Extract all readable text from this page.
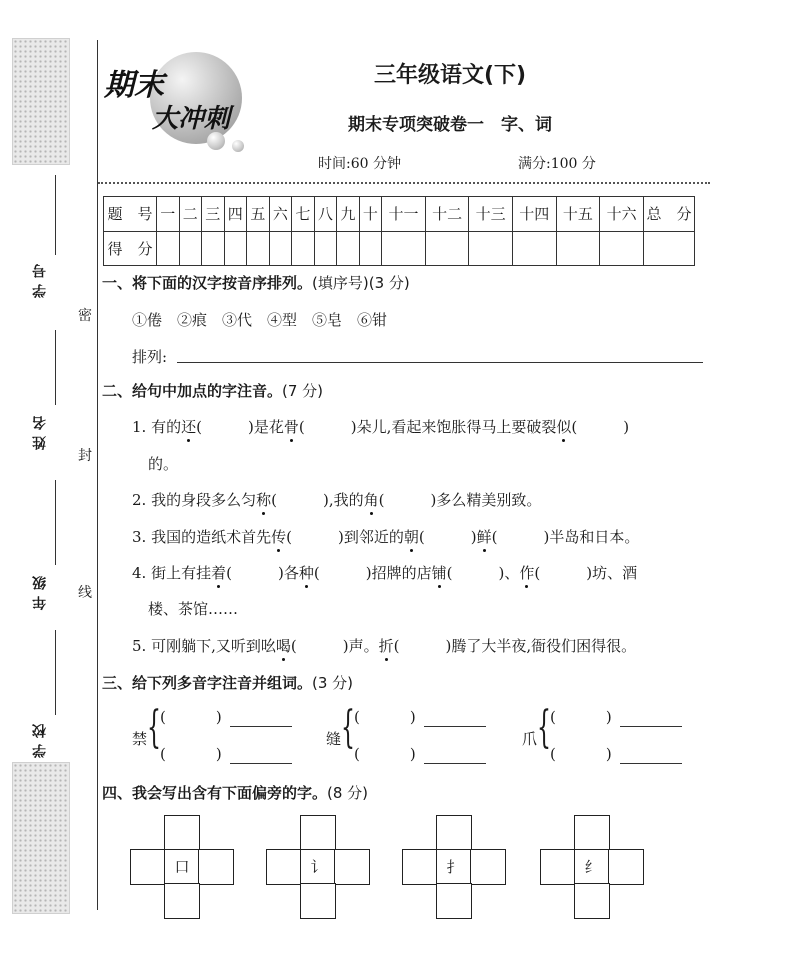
学号
姓名
年级
学校
密
封
线
期末
大冲刺
三年级语文(下)
期末专项突破卷一　字、词
时间:60 分钟	满分:100 分
题　号	一	二	三	四	五	六	七	八	九	十	十一	十二	十三	十四	十五	十六	总　分
得　分																	
一、将下面的汉字按音序排列。(填序号)(3 分)
①倦　②痕　③代　④型　⑤皂　⑥钳
排列:
二、给句中加点的字注音。(7 分)
1. 有的还(	)是花骨(	)朵儿,看起来饱胀得马上要破裂似(	)
的。
2. 我的身段多么匀称(	),我的角(	)多么精美别致。
3. 我国的造纸术首先传(	)到邻近的朝(	)鲜(	)半岛和日本。
4. 街上有挂着(	)各种(	)招牌的店铺(	)、作(	)坊、酒
楼、茶馆……
5. 可刚躺下,又听到吆喝(	)声。折(	)腾了大半夜,衙役们困得很。
三、给下列多音字注音并组词。(3 分)
禁 { (	)
(	)
缝 { (	)
(	)
爪 { (	)
(	)
四、我会写出含有下面偏旁的字。(8 分)
口	讠	扌	纟
